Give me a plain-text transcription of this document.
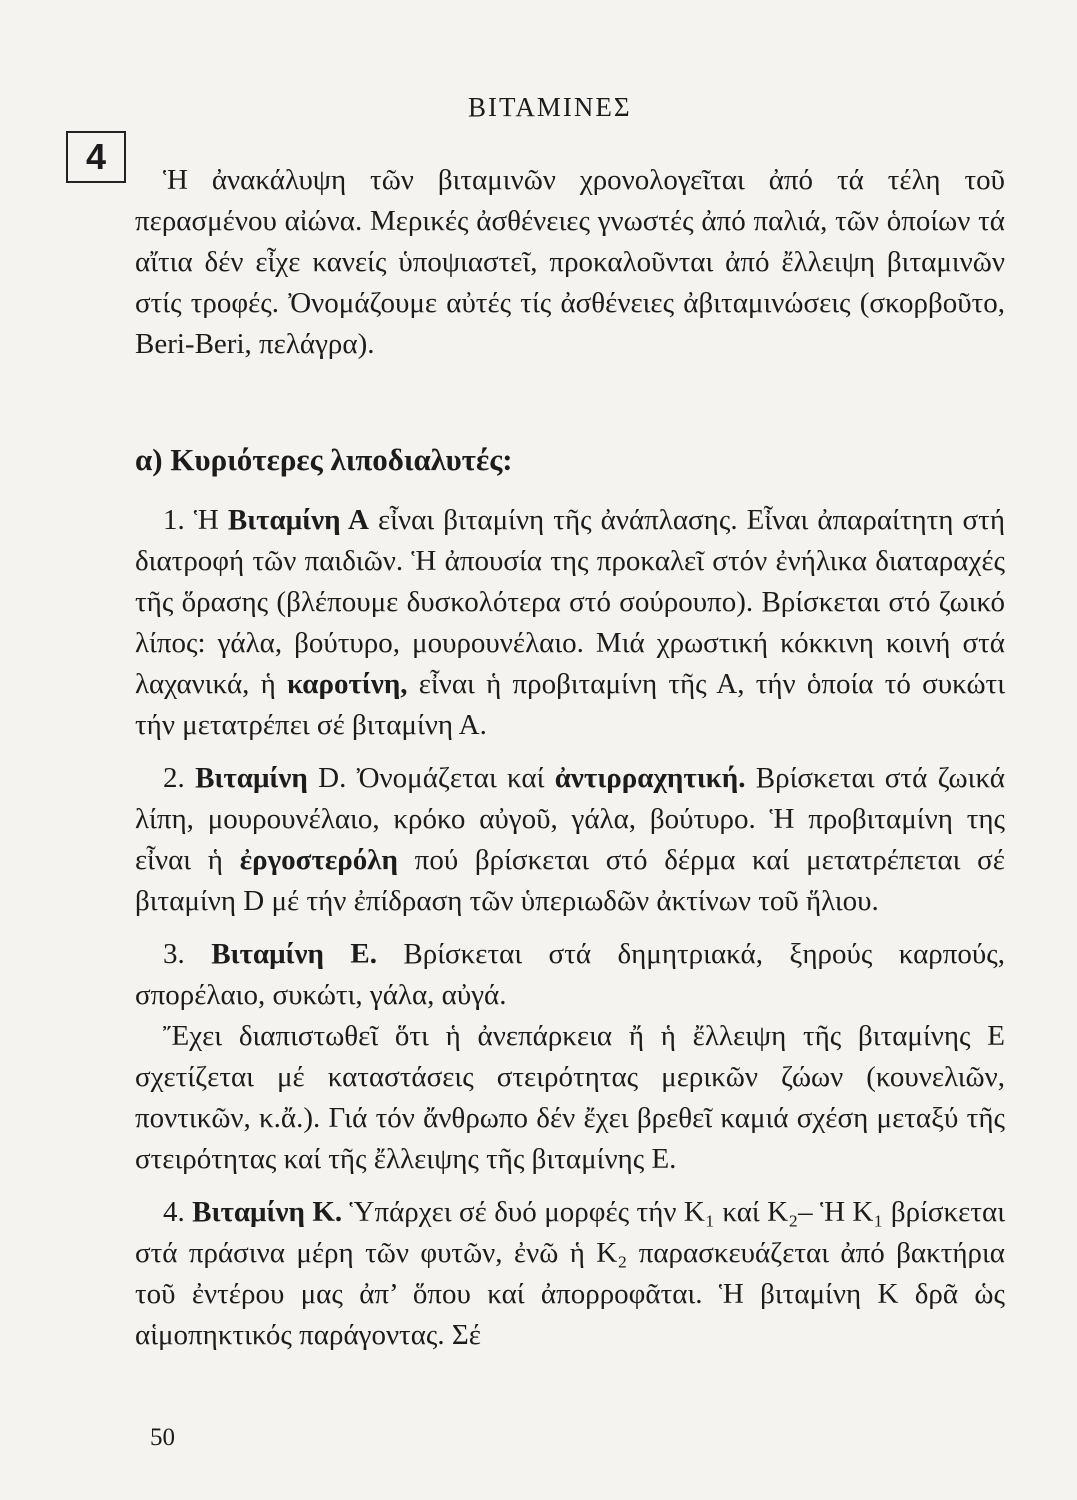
4
ΒΙΤΑΜΙΝΕΣ

Ἡ ἀνακάλυψη τῶν βιταμινῶν χρονολογεῖται ἀπό τά τέλη τοῦ περασμένου αἰώνα. Μερικές ἀσθένειες γνωστές ἀπό παλιά, τῶν ὁποίων τά αἴτια δέν εἶχε κανείς ὑποψιαστεῖ, προκαλοῦνται ἀπό ἔλλειψη βιταμινῶν στίς τροφές. Ὀνομάζουμε αὐτές τίς ἀσθένειες ἀβιταμινώσεις (σκορβοῦτο, Beri-Beri, πελάγρα).

α) Κυριότερες λιποδιαλυτές:

1. Ἡ Βιταμίνη Α εἶναι βιταμίνη τῆς ἀνάπλασης. Εἶναι ἀπαραίτητη στή διατροφή τῶν παιδιῶν. Ἡ ἀπουσία της προκαλεῖ στόν ἐνήλικα διαταραχές τῆς ὅρασης (βλέπουμε δυσκολότερα στό σούρουπο). Βρίσκεται στό ζωικό λίπος: γάλα, βούτυρο, μουρουνέλαιο. Μιά χρωστική κόκκινη κοινή στά λαχανικά, ἡ καροτίνη, εἶναι ἡ προβιταμίνη τῆς Α, τήν ὁποία τό συκώτι τήν μετατρέπει σέ βιταμίνη Α.

2. Βιταμίνη D. Ὀνομάζεται καί ἀντιρραχητική. Βρίσκεται στά ζωικά λίπη, μουρουνέλαιο, κρόκο αὐγοῦ, γάλα, βούτυρο. Ἡ προβιταμίνη της εἶναι ἡ ἐργοστερόλη πού βρίσκεται στό δέρμα καί μετατρέπεται σέ βιταμίνη D μέ τήν ἐπίδραση τῶν ὑπεριωδῶν ἀκτίνων τοῦ ἥλιου.

3. Βιταμίνη Ε. Βρίσκεται στά δημητριακά, ξηρούς καρπούς, σπορέλαιο, συκώτι, γάλα, αὐγά.

Ἔχει διαπιστωθεῖ ὅτι ἡ ἀνεπάρκεια ἤ ἡ ἔλλειψη τῆς βιταμίνης Ε σχετίζεται μέ καταστάσεις στειρότητας μερικῶν ζώων (κουνελιῶν, ποντικῶν, κ.ἄ.). Γιά τόν ἄνθρωπο δέν ἔχει βρεθεῖ καμιά σχέση μεταξύ τῆς στειρότητας καί τῆς ἔλλειψης τῆς βιταμίνης Ε.

4. Βιταμίνη Κ. Ὑπάρχει σέ δυό μορφές τήν Κ₁ καί Κ₂– Ἡ Κ₁ βρίσκεται στά πράσινα μέρη τῶν φυτῶν, ἐνῶ ἡ Κ₂ παρασκευάζεται ἀπό βακτήρια τοῦ ἐντέρου μας ἀπ’ ὅπου καί ἀπορροφᾶται. Ἡ βιταμίνη Κ δρᾶ ὡς αἱμοπηκτικός παράγοντας. Σέ

50
